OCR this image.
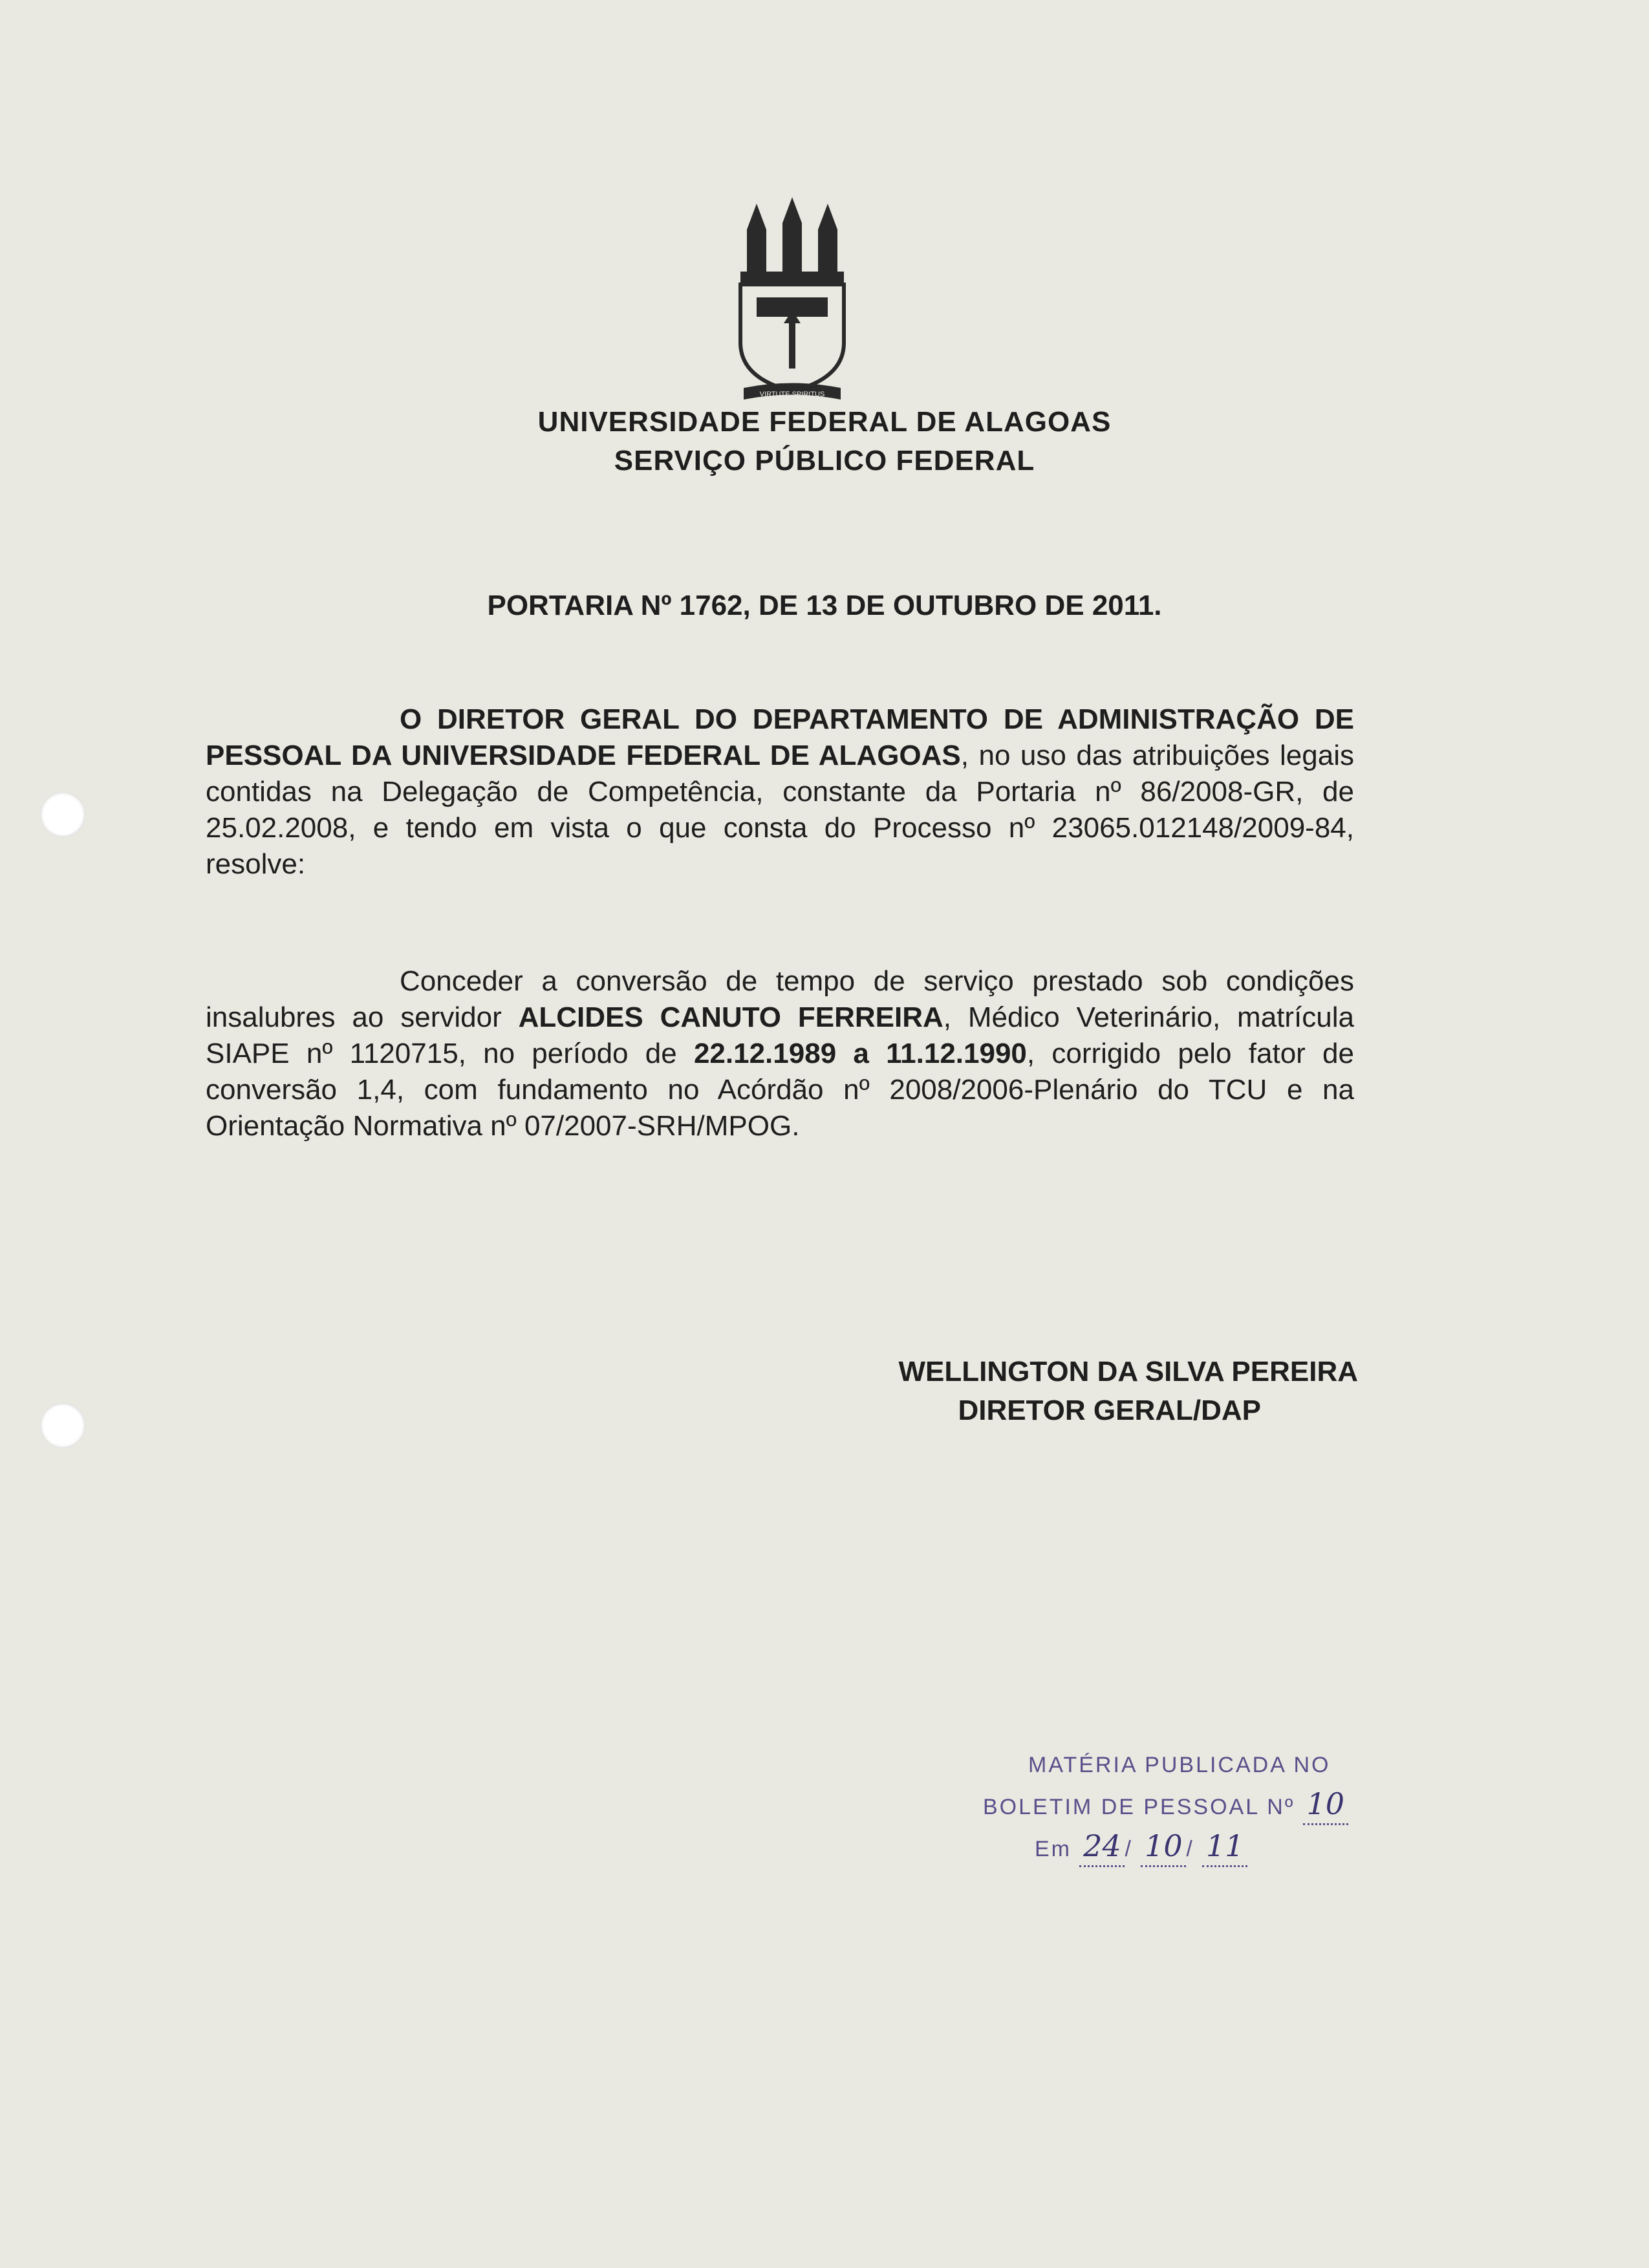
VIRTUTE SPIRITUS
UNIVERSIDADE FEDERAL DE ALAGOAS
SERVIÇO PÚBLICO FEDERAL
PORTARIA Nº 1762, DE 13 DE OUTUBRO DE 2011.
O DIRETOR GERAL DO DEPARTAMENTO DE ADMINISTRAÇÃO DE PESSOAL DA UNIVERSIDADE FEDERAL DE ALAGOAS, no uso das atribuições legais contidas na Delegação de Competência, constante da Portaria nº 86/2008-GR, de 25.02.2008, e tendo em vista o que consta do Processo nº 23065.012148/2009-84, resolve:
Conceder a conversão de tempo de serviço prestado sob condições insalubres ao servidor ALCIDES CANUTO FERREIRA, Médico Veterinário, matrícula SIAPE nº 1120715, no período de 22.12.1989 a 11.12.1990, corrigido pelo fator de conversão 1,4, com fundamento no Acórdão nº 2008/2006-Plenário do TCU e na Orientação Normativa nº 07/2007-SRH/MPOG.
WELLINGTON DA SILVA PEREIRA
DIRETOR GERAL/DAP
MATÉRIA PUBLICADA NO
BOLETIM DE PESSOAL Nº 10
Em 24 / 10 / 11
